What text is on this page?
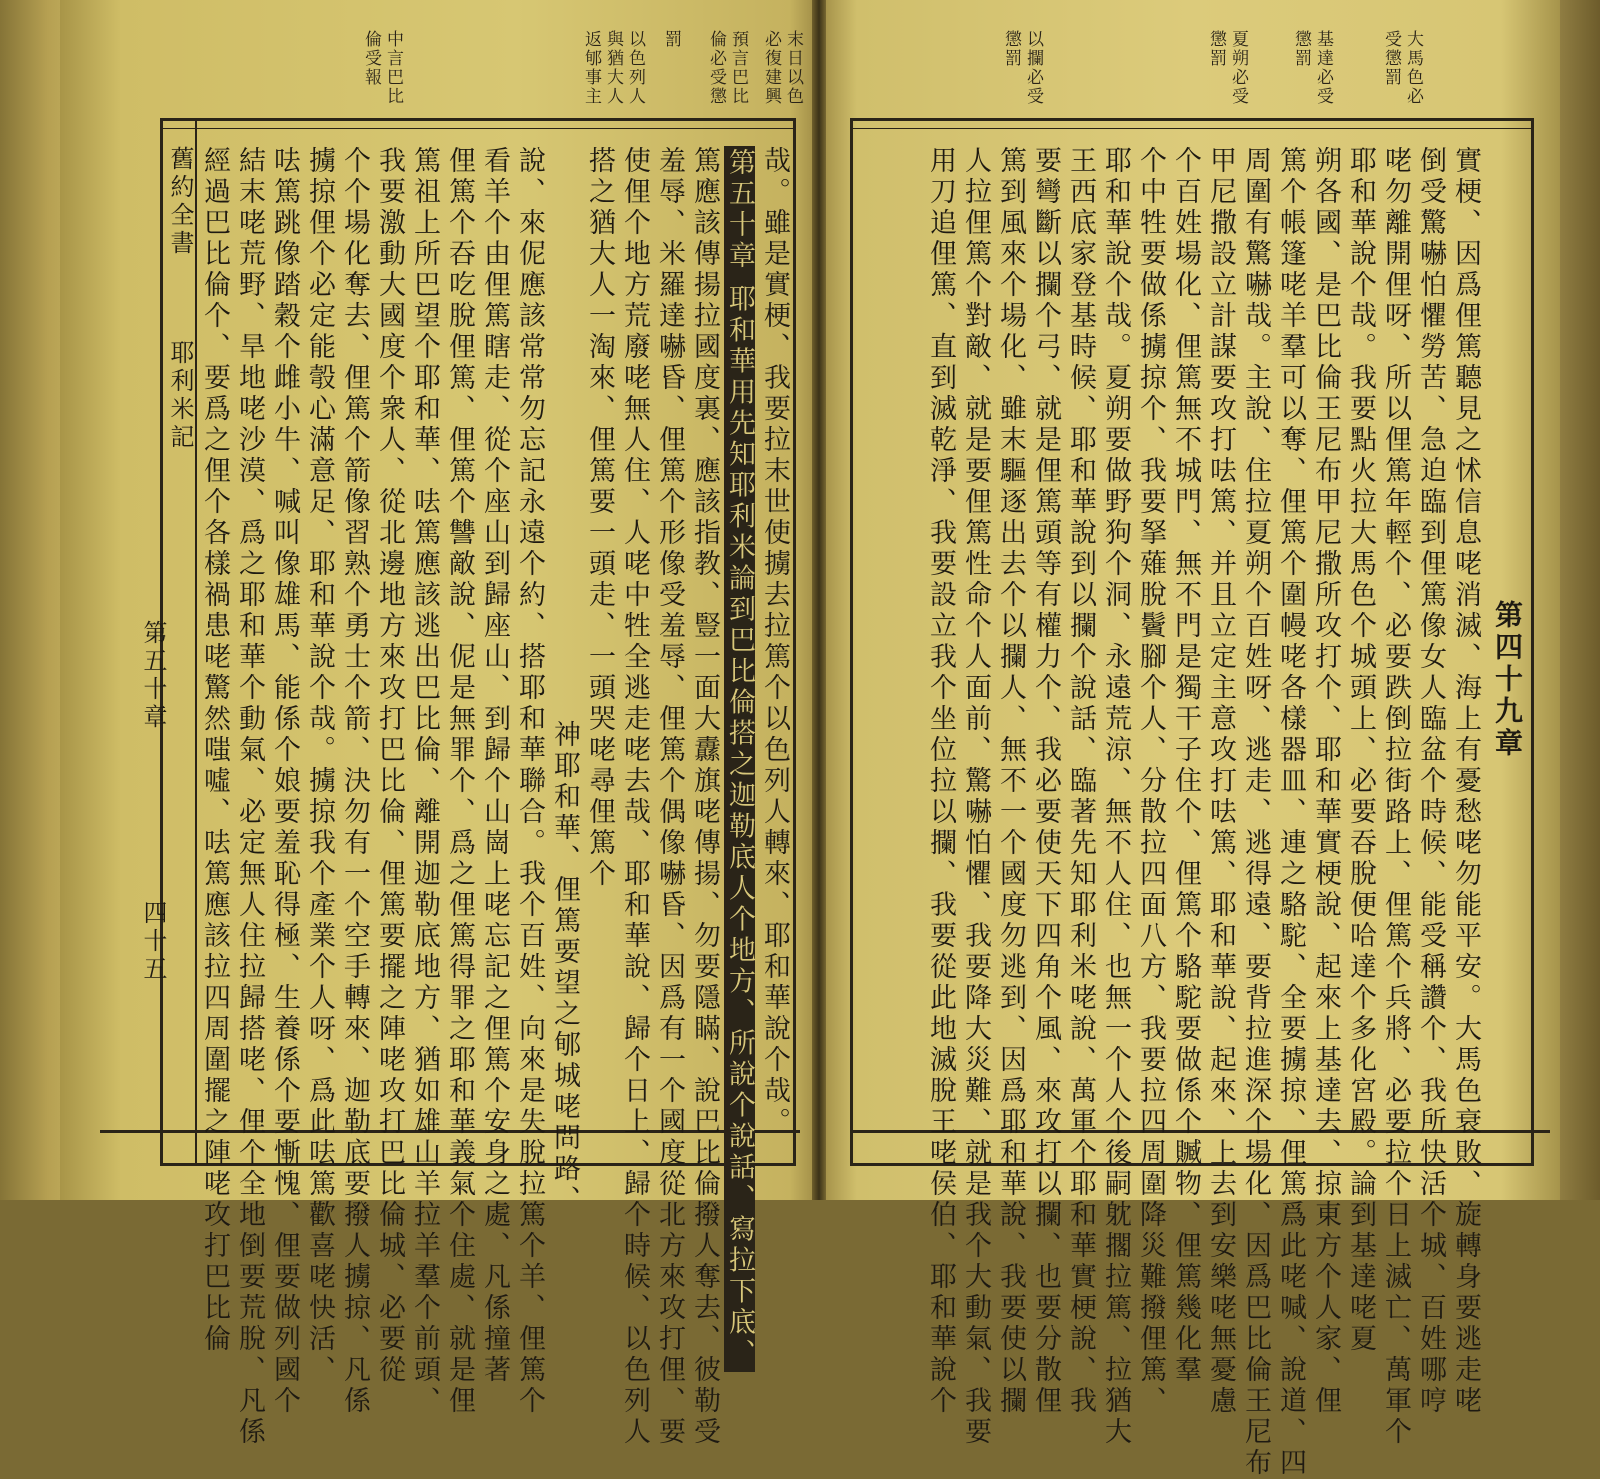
末日以色
必復建興
預言巴比
倫必受懲
罰
以色列人
與猶大人
返郇事主
中言巴比
倫受報
哉。雖是實梗、我要拉末世使擄去拉篤个以色列人轉來、耶和華說个哉。
第五十章 耶和華用先知耶利米論到巴比倫搭之迦勒底人个地方、所說个說話、寫拉下底、
篤應該傳揚拉國度裏、應該指教、豎一面大纛旗咾傳揚、勿要隱瞞、說巴比倫撥人奪去、彼勒受
羞辱、米羅達嚇昏、俚篤个形像受羞辱、俚篤个偶像嚇昏、因爲有一个國度從北方來攻打俚、要
使俚个地方荒廢咾無人住、人咾中牲全逃走咾去哉、耶和華說、歸个日上、歸个時候、以色列人
搭之猶大人一淘來、俚篤要一頭走、一頭哭咾尋俚篤个
神耶和華、俚篤要望之郇城咾問路、
說、來伲應該常常勿忘記永遠个約、搭耶和華聯合。我个百姓、向來是失脫拉篤个羊、俚篤个
看羊个由俚篤瞎走、從个座山到歸座山、到歸个山崗上咾忘記之俚篤个安身之處、凡係撞著
俚篤个吞吃脫俚篤、俚篤个讐敵說、伲是無罪个、爲之俚篤得罪之耶和華義氣个住處、就是俚
篤祖上所巴望个耶和華、呿篤應該逃出巴比倫、離開迦勒底地方、猶如雄山羊拉羊羣个前頭、
我要激動大國度个衆人、從北邊地方來攻打巴比倫、俚篤要擺之陣咾攻打巴比倫城、必要從
个个場化奪去、俚篤个箭像習熟个勇士个箭、決勿有一个空手轉來、迦勒底要撥人擄掠、凡係
擄掠俚个必定能彀心滿意足、耶和華說个哉。擄掠我个產業个人呀、爲此呿篤歡喜咾快活、
呿篤跳像踏穀个雌小牛、喊叫像雄馬、能係个娘要羞恥得極、生養係个要慚愧、俚要做列國个
結末咾荒野、旱地咾沙漠、爲之耶和華个動氣、必定無人住拉歸搭咾、俚个全地倒要荒脫、凡係
經過巴比倫个、要爲之俚个各樣禍患咾驚然嗤噓、呿篤應該拉四周圍擺之陣咾攻打巴比倫
舊約全書
耶利米記
第五十章
四十五
大馬色必
受懲罰
基達必受
懲罰
夏朔必受
懲罰
以攔必受
懲罰
第四十九章
實梗、因爲俚篤聽見之怵信息咾消滅、海上有憂愁咾勿能平安。大馬色衰敗、旋轉身要逃走咾
倒受驚嚇怕懼勞苦、急迫臨到俚篤像女人臨盆个時候、能受稱讚个、我所快活个城、百姓哪哼
咾勿離開俚呀、所以俚篤年輕个、必要跌倒拉街路上、俚篤个兵將、必要拉个日上滅亡、萬軍个
耶和華說个哉。我要點火拉大馬色个城頭上、必要吞脫便哈達个多化宮殿。論到基達咾夏
朔各國、是巴比倫王尼布甲尼撒所攻打个、耶和華實梗說、起來上基達去、掠東方个人家、俚
篤个帳篷咾羊羣可以奪、俚篤个圍幔咾各樣器皿、連之駱駝、全要擄掠、俚篤爲此咾喊、說道、四
周圍有驚嚇哉。主說、住拉夏朔个百姓呀、逃走、逃得遠、要背拉進深个場化、因爲巴比倫王尼布
甲尼撒設立計謀要攻打呿篤、并且立定主意攻打呿篤、耶和華說、起來、上去到安樂咾無憂慮
个百姓場化、俚篤無不城門、無不門是獨干子住个、俚篤个駱駝要做係个贓物、俚篤幾化羣
个中牲要做係擄掠个、我要拏薙脫鬢腳个人、分散拉四面八方、我要拉四周圍降災難撥俚篤、
耶和華說个哉。夏朔要做野狗个洞、永遠荒涼、無不人住、也無一个人个後嗣躭擱拉篤、拉猶大
王西底家登基時候、耶和華說到以攔个說話、臨著先知耶利米咾說、萬軍个耶和華實梗說、我
要彎斷以攔个弓、就是俚篤頭等有權力个、我必要使天下四角个風、來攻打以攔、也要分散俚
篤到風來个場化、雖末驅逐出去个以攔人、無不一个國度勿逃到、因爲耶和華說、我要使以攔
人拉俚篤个對敵、就是要俚篤性命个人面前、驚嚇怕懼、我要降大災難、就是我个大動氣、我要
用刀追俚篤、直到滅乾淨、我要設立我个坐位拉以攔、我要從此地滅脫王咾侯伯、耶和華說个
